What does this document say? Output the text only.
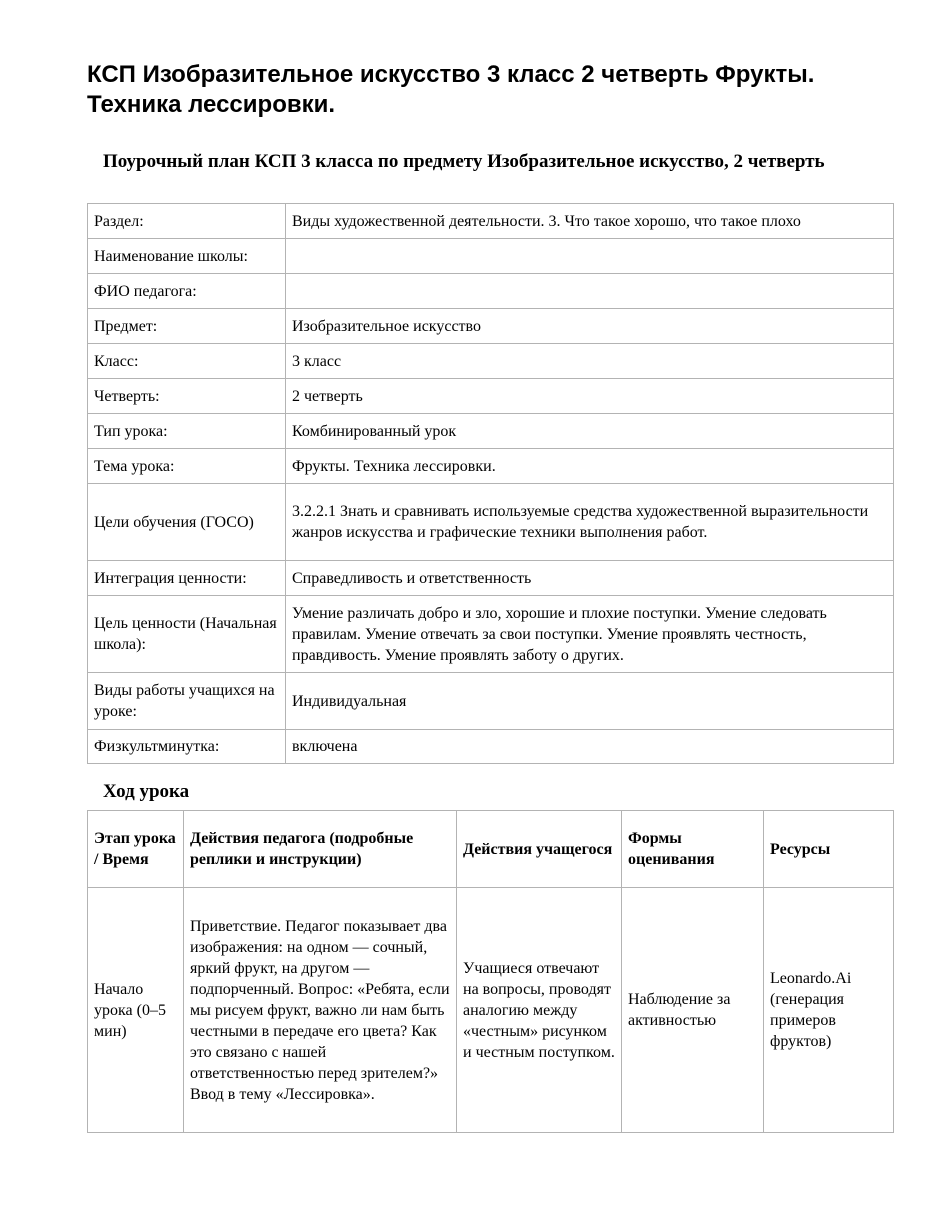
КСП Изобразительное искусство 3 класс 2 четверть Фрукты. Техника лессировки.
Поурочный план КСП 3 класса по предмету Изобразительное искусство, 2 четверть
Раздел:	Виды художественной деятельности. 3. Что такое хорошо, что такое плохо
Наименование школы:	
ФИО педагога:	
Предмет:	Изобразительное искусство
Класс:	3 класс
Четверть:	2 четверть
Тип урока:	Комбинированный урок
Тема урока:	Фрукты. Техника лессировки.
Цели обучения (ГОСО)	3.2.2.1 Знать и сравнивать используемые средства художественной выразительности жанров искусства и графические техники выполнения работ.
Интеграция ценности:	Справедливость и ответственность
Цель ценности (Начальная школа):	Умение различать добро и зло, хорошие и плохие поступки. Умение следовать правилам. Умение отвечать за свои поступки. Умение проявлять честность, правдивость. Умение проявлять заботу о других.
Виды работы учащихся на уроке:	Индивидуальная
Физкультминутка:	включена
Ход урока
Этап урока / Время	Действия педагога (подробные реплики и инструкции)	Действия учащегося	Формы оценивания	Ресурсы
Начало урока (0–5 мин)	Приветствие. Педагог показывает два изображения: на одном — сочный, яркий фрукт, на другом — подпорченный. Вопрос: «Ребята, если мы рисуем фрукт, важно ли нам быть честными в передаче его цвета? Как это связано с нашей ответственностью перед зрителем?» Ввод в тему «Лессировка».	Учащиеся отвечают на вопросы, проводят аналогию между «честным» рисунком и честным поступком.	Наблюдение за активностью	Leonardo.Ai (генерация примеров фруктов)
